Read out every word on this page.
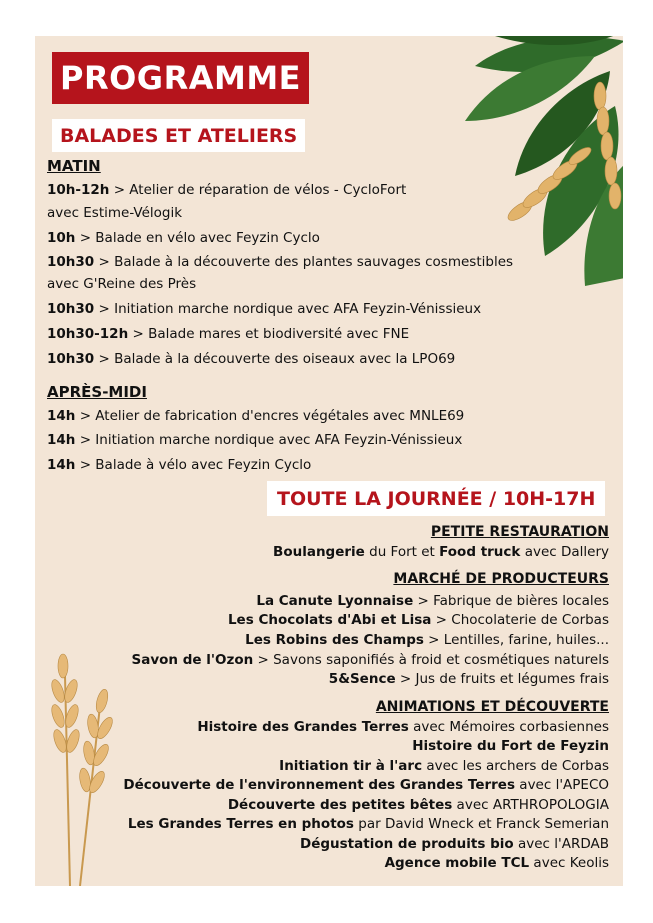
PROGRAMME
BALADES ET ATELIERS
MATIN
10h-12h > Atelier de réparation de vélos - CycloFort
avec Estime-Vélogik
10h > Balade en vélo avec Feyzin Cyclo
10h30 > Balade à la découverte des plantes sauvages cosmestibles
avec G'Reine des Près
10h30 > Initiation marche nordique avec AFA Feyzin-Vénissieux
10h30-12h > Balade mares et biodiversité avec FNE
10h30 > Balade à la découverte des oiseaux avec la LPO69
APRÈS-MIDI
14h > Atelier de fabrication d'encres végétales avec MNLE69
14h > Initiation marche nordique avec AFA Feyzin-Vénissieux
14h > Balade à vélo avec Feyzin Cyclo
TOUTE LA JOURNÉE / 10H-17H
PETITE RESTAURATION
Boulangerie du Fort et Food truck avec Dallery
MARCHÉ DE PRODUCTEURS
La Canute Lyonnaise > Fabrique de bières locales
Les Chocolats d'Abi et Lisa > Chocolaterie de Corbas
Les Robins des Champs > Lentilles, farine, huiles...
Savon de l'Ozon > Savons saponifiés à froid et cosmétiques naturels
5&Sence > Jus de fruits et légumes frais
ANIMATIONS ET DÉCOUVERTE
Histoire des Grandes Terres avec Mémoires corbasiennes
Histoire du Fort de Feyzin
Initiation tir à l'arc avec les archers de Corbas
Découverte de l'environnement des Grandes Terres avec l'APECO
Découverte des petites bêtes avec ARTHROPOLOGIA
Les Grandes Terres en photos par David Wneck et Franck Semerian
Dégustation de produits bio avec l'ARDAB
Agence mobile TCL avec Keolis
